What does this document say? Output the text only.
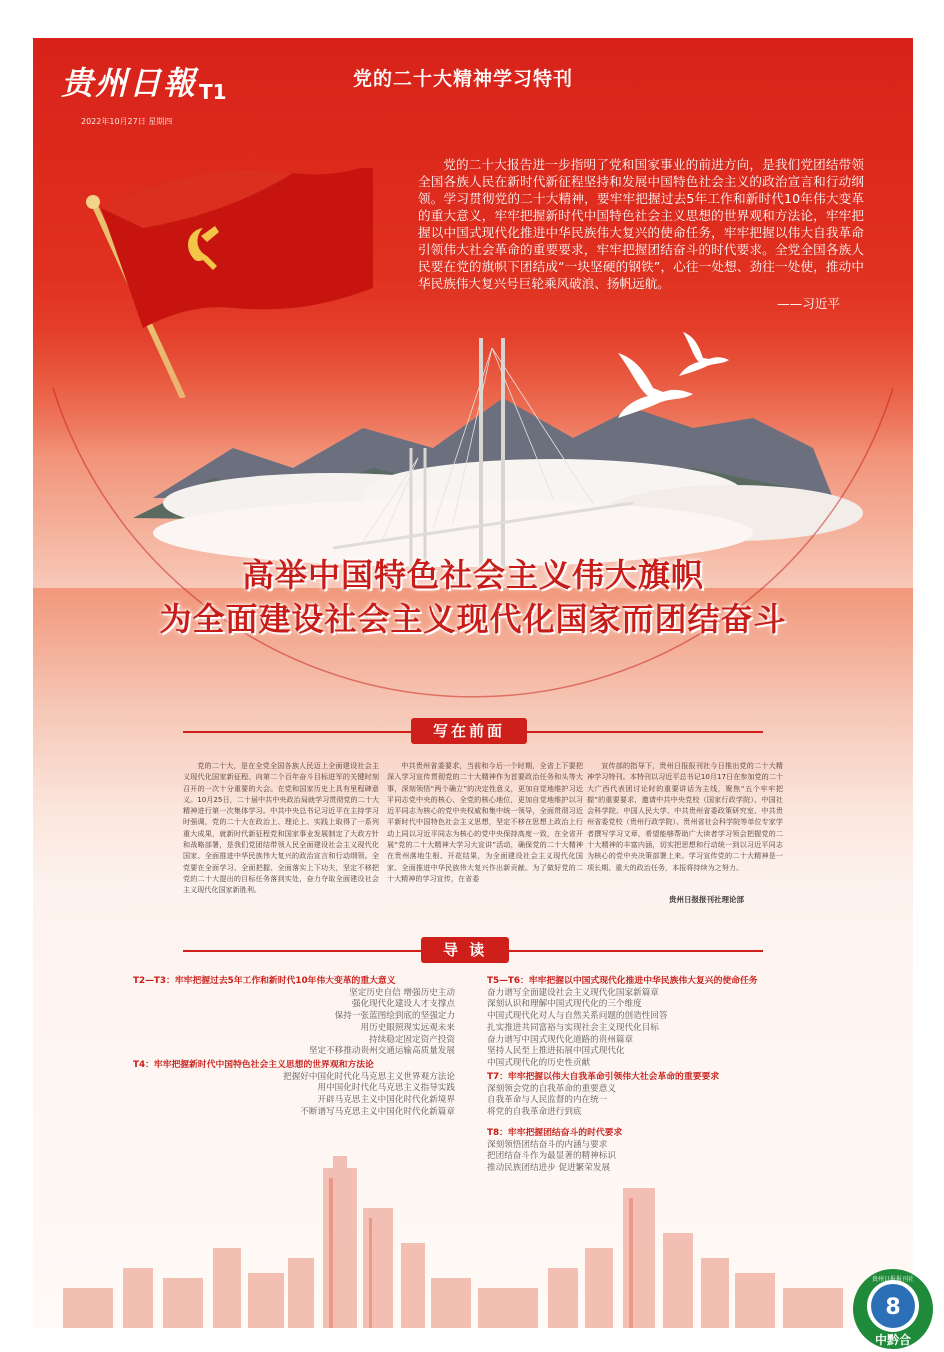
贵州日報 T1
2022年10月27日 星期四
党的二十大精神学习特刊

党的二十大报告进一步指明了党和国家事业的前进方向，是我们党团结带领全国各族人民在新时代新征程坚持和发展中国特色社会主义的政治宣言和行动纲领。学习贯彻党的二十大精神，要牢牢把握过去5年工作和新时代10年伟大变革的重大意义，牢牢把握新时代中国特色社会主义思想的世界观和方法论，牢牢把握以中国式现代化推进中华民族伟大复兴的使命任务，牢牢把握以伟大自我革命引领伟大社会革命的重要要求，牢牢把握团结奋斗的时代要求。全党全国各族人民要在党的旗帜下团结成“一块坚硬的钢铁”，心往一处想、劲往一处使，推动中华民族伟大复兴号巨轮乘风破浪、扬帆远航。

——习近平
高举中国特色社会主义伟大旗帜
为全面建设社会主义现代化国家而团结奋斗
写在前面

党的二十大，是在全党全国各族人民迈上全面建设社会主义现代化国家新征程、向第二个百年奋斗目标进军的关键时刻召开的一次十分重要的大会。在党和国家历史上具有里程碑意义。10月25日，二十届中共中央政治局就学习贯彻党的二十大精神进行第一次集体学习。中共中央总书记习近平在主持学习时强调，党的二十大在政治上、理论上、实践上取得了一系列重大成果，就新时代新征程党和国家事业发展制定了大政方针和战略部署，是我们党团结带领人民全面建设社会主义现代化国家、全面推进中华民族伟大复兴的政治宣言和行动纲领。全党要在全面学习、全面把握、全面落实上下功夫，坚定不移把党的二十大提出的目标任务落到实处，奋力夺取全面建设社会主义现代化国家新胜利。

中共贵州省委要求，当前和今后一个时期，全省上下要把深入学习宣传贯彻党的二十大精神作为首要政治任务和头等大事，深刻领悟“两个确立”的决定性意义，更加自觉地维护习近平同志党中央的核心、全党的核心地位，更加自觉地维护以习近平同志为核心的党中央权威和集中统一领导，全面贯彻习近平新时代中国特色社会主义思想，坚定不移在思想上政治上行动上同以习近平同志为核心的党中央保持高度一致，在全省开展“党的二十大精神大学习大宣讲”活动，确保党的二十大精神在贵州落地生根、开花结果，为全面建设社会主义现代化国家、全面推进中华民族伟大复兴作出新贡献。为了做好党的二十大精神的学习宣传，在省委

宣传部的指导下，贵州日报报刊社今日推出党的二十大精神学习特刊。本特刊以习近平总书记10月17日在参加党的二十大广西代表团讨论时的重要讲话为主线，聚焦“五个牢牢把握”的重要要求，邀请中共中央党校（国家行政学院）、中国社会科学院、中国人民大学、中共贵州省委政策研究室、中共贵州省委党校（贵州行政学院）、贵州省社会科学院等单位专家学者撰写学习文章，希望能够帮助广大读者学习领会把握党的二十大精神的丰富内涵，切实把思想和行动统一到以习近平同志为核心的党中央决策部署上来。学习宣传党的二十大精神是一项长期、重大的政治任务，本报将持续为之努力。

贵州日报报刊社理论部
导 读
T2—T3：牢牢把握过去5年工作和新时代10年伟大变革的重大意义
坚定历史自信 增强历史主动
强化现代化建设人才支撑点
保持一张蓝图绘到底的坚强定力
用历史眼照现实远观未来
持续稳定固定资产投资
坚定不移推动贵州交通运输高质量发展
T4：牢牢把握新时代中国特色社会主义思想的世界观和方法论
把握好中国化时代化马克思主义世界观方法论
用中国化时代化马克思主义指导实践
开辟马克思主义中国化时代化新境界
不断谱写马克思主义中国化时代化新篇章
T5—T6：牢牢把握以中国式现代化推进中华民族伟大复兴的使命任务
奋力谱写全面建设社会主义现代化国家新篇章
深刻认识和理解中国式现代化的三个维度
中国式现代化对人与自然关系问题的创造性回答
扎实推进共同富裕与实现社会主义现代化目标
奋力谱写中国式现代化道路的贵州篇章
坚持人民至上推进拓展中国式现代化
中国式现代化的历史性贡献
T7：牢牢把握以伟大自我革命引领伟大社会革命的重要要求
深刻领会党的自我革命的重要意义
自我革命与人民监督的内在统一
将党的自我革命进行到底
T8：牢牢把握团结奋斗的时代要求
深刻领悟团结奋斗的内涵与要求
把团结奋斗作为最显著的精神标识
推动民族团结进步 促进繁荣发展
8
中黔合
贵州日报报刊社
